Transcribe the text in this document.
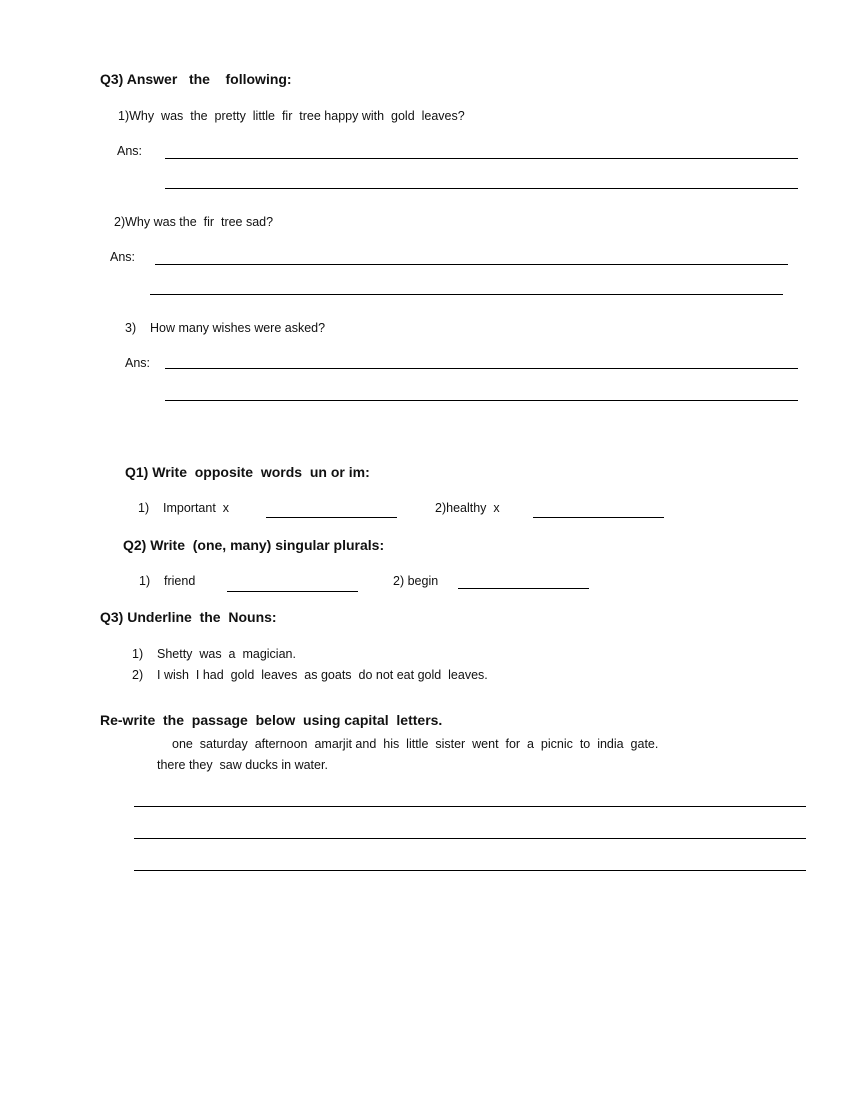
Q3) Answer   the    following:
1)Why  was  the  pretty  little  fir  tree happy with  gold  leaves?
Ans:
2)Why was the  fir  tree sad?
Ans:
3) How many wishes were asked?
Ans:
Q1) Write  opposite  words  un or im:
1) Important  x	2)healthy  x
Q2) Write  (one, many) singular plurals:
1) friend	2) begin
Q3) Underline  the  Nouns:
1) Shetty  was  a  magician.
2) I wish  I had  gold  leaves  as goats  do not eat gold  leaves.
Re-write  the  passage  below  using capital  letters.
one  saturday  afternoon  amarjit and  his  little  sister  went  for  a  picnic  to  india  gate.
there they  saw ducks in water.
